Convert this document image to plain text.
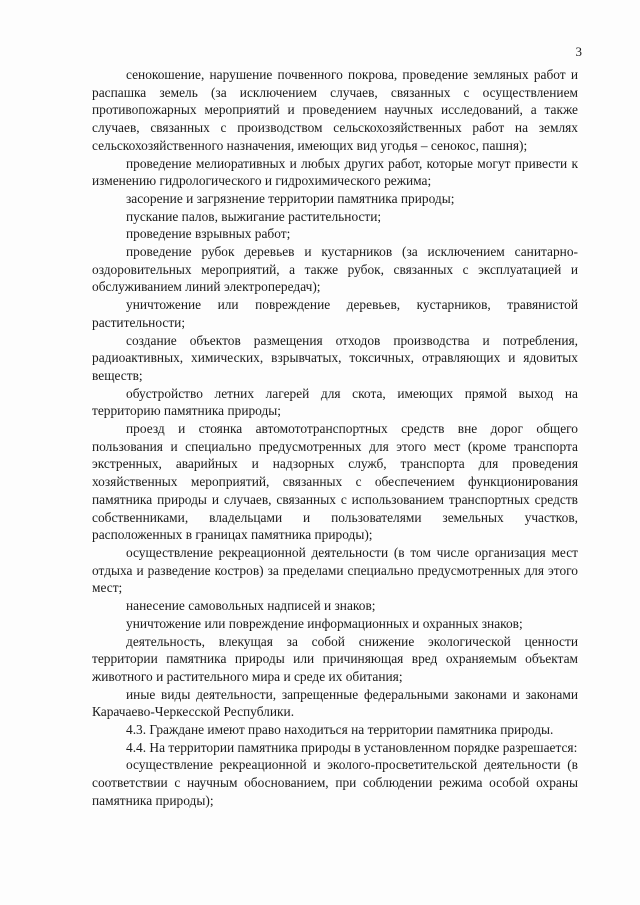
3

сенокошение, нарушение почвенного покрова, проведение земляных работ и распашка земель (за исключением случаев, связанных с осуществлением противопожарных мероприятий и проведением научных исследований, а также случаев, связанных с производством сельскохозяйственных работ на землях сельскохозяйственного назначения, имеющих вид угодья – сенокос, пашня);

проведение мелиоративных и любых других работ, которые могут привести к изменению гидрологического и гидрохимического режима;

засорение и загрязнение территории памятника природы;

пускание палов, выжигание растительности;

проведение взрывных работ;

проведение рубок деревьев и кустарников (за исключением санитарно-оздоровительных мероприятий, а также рубок, связанных с эксплуатацией и обслуживанием линий электропередач);

уничтожение или повреждение деревьев, кустарников, травянистой растительности;

создание объектов размещения отходов производства и потребления, радиоактивных, химических, взрывчатых, токсичных, отравляющих и ядовитых веществ;

обустройство летних лагерей для скота, имеющих прямой выход на территорию памятника природы;

проезд и стоянка автомототранспортных средств вне дорог общего пользования и специально предусмотренных для этого мест (кроме транспорта экстренных, аварийных и надзорных служб, транспорта для проведения хозяйственных мероприятий, связанных с обеспечением функционирования памятника природы и случаев, связанных с использованием транспортных средств собственниками, владельцами и пользователями земельных участков, расположенных в границах памятника природы);

осуществление рекреационной деятельности (в том числе организация мест отдыха и разведение костров) за пределами специально предусмотренных для этого мест;

нанесение самовольных надписей и знаков;

уничтожение или повреждение информационных и охранных знаков;

деятельность, влекущая за собой снижение экологической ценности территории памятника природы или причиняющая вред охраняемым объектам животного и растительного мира и среде их обитания;

иные виды деятельности, запрещенные федеральными законами и законами Карачаево-Черкесской Республики.

4.3. Граждане имеют право находиться на территории памятника природы.

4.4. На территории памятника природы в установленном порядке разрешается:

осуществление рекреационной и эколого-просветительской деятельности (в соответствии с научным обоснованием, при соблюдении режима особой охраны памятника природы);
